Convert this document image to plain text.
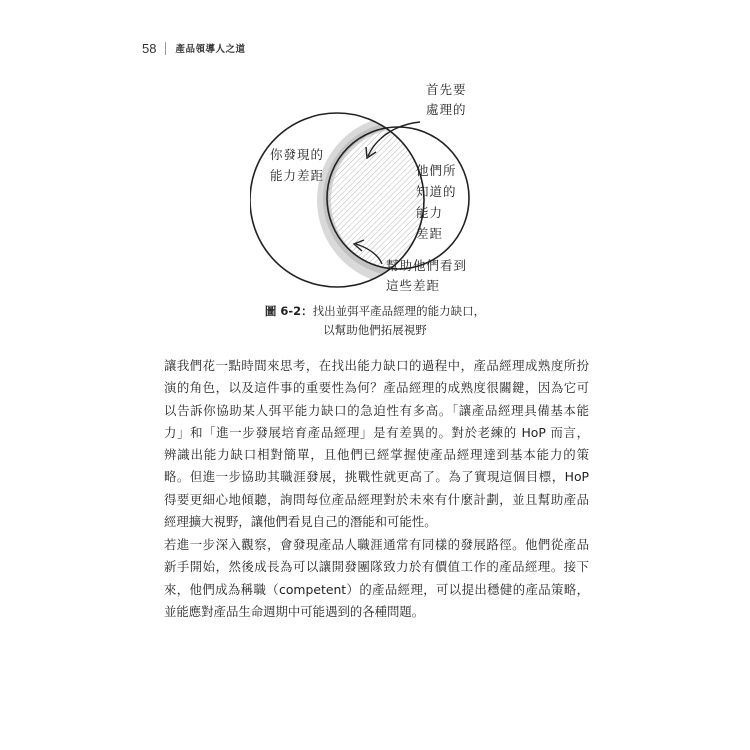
58 產品領導人之道
首先要
處理的
你發現的
能力差距	他們所
知道的
能力
差距
幫助他們看到
這些差距
圖 6-2：找出並弭平產品經理的能力缺口，
以幫助他們拓展視野

讓我們花一點時間來思考，在找出能力缺口的過程中，產品經理成熟度所扮
演的角色，以及這件事的重要性為何？產品經理的成熟度很關鍵，因為它可
以告訴你協助某人弭平能力缺口的急迫性有多高。「讓產品經理具備基本能
力」和「進一步發展培育產品經理」是有差異的。對於老練的 HoP 而言，
辨識出能力缺口相對簡單，且他們已經掌握使產品經理達到基本能力的策
略。但進一步協助其職涯發展，挑戰性就更高了。為了實現這個目標，HoP
得要更細心地傾聽，詢問每位產品經理對於未來有什麼計劃，並且幫助產品
經理擴大視野，讓他們看見自己的潛能和可能性。

若進一步深入觀察，會發現產品人職涯通常有同樣的發展路徑。他們從產品
新手開始，然後成長為可以讓開發團隊致力於有價值工作的產品經理。接下
來，他們成為稱職（competent）的產品經理，可以提出穩健的產品策略，
並能應對產品生命週期中可能遇到的各種問題。
